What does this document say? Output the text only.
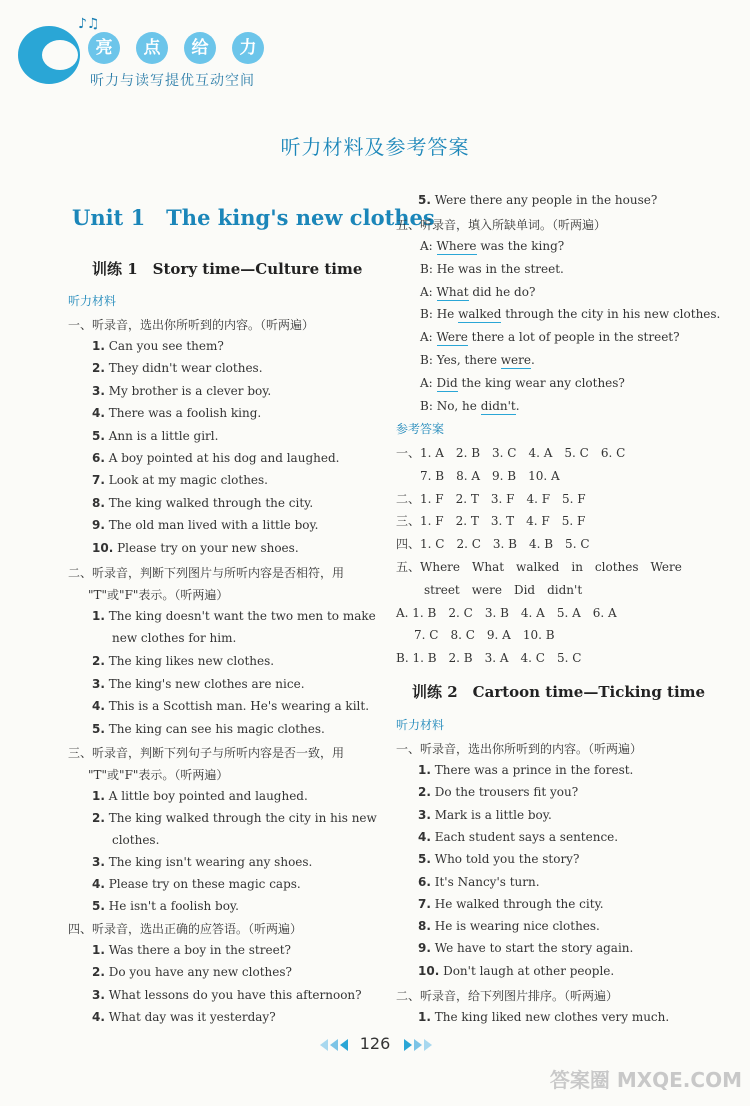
♪♫
亮	点	给	力
听力与读写提优互动空间
听力材料及参考答案
Unit 1　The king's new clothes
训练 1　Story time—Culture time
听力材料
一、听录音，选出你所听到的内容。（听两遍）
1. Can you see them?
2. They didn't wear clothes.
3. My brother is a clever boy.
4. There was a foolish king.
5. Ann is a little girl.
6. A boy pointed at his dog and laughed.
7. Look at my magic clothes.
8. The king walked through the city.
9. The old man lived with a little boy.
10. Please try on your new shoes.
二、听录音，判断下列图片与所听内容是否相符，用
"T"或"F"表示。（听两遍）
1. The king doesn't want the two men to make
new clothes for him.
2. The king likes new clothes.
3. The king's new clothes are nice.
4. This is a Scottish man. He's wearing a kilt.
5. The king can see his magic clothes.
三、听录音，判断下列句子与所听内容是否一致，用
"T"或"F"表示。（听两遍）
1. A little boy pointed and laughed.
2. The king walked through the city in his new
clothes.
3. The king isn't wearing any shoes.
4. Please try on these magic caps.
5. He isn't a foolish boy.
四、听录音，选出正确的应答语。（听两遍）
1. Was there a boy in the street?
2. Do you have any new clothes?
3. What lessons do you have this afternoon?
4. What day was it yesterday?
5. Were there any people in the house?
五、听录音，填入所缺单词。（听两遍）
A: Where was the king?
B: He was in the street.
A: What did he do?
B: He walked through the city in his new clothes.
A: Were there a lot of people in the street?
B: Yes, there were.
A: Did the king wear any clothes?
B: No, he didn't.
参考答案
一、1. A　2. B　3. C　4. A　5. C　6. C
7. B　8. A　9. B　10. A
二、1. F　2. T　3. F　4. F　5. F
三、1. F　2. T　3. T　4. F　5. F
四、1. C　2. C　3. B　4. B　5. C
五、Where　What　walked　in　clothes　Were
street　were　Did　didn't
A. 1. B　2. C　3. B　4. A　5. A　6. A
7. C　8. C　9. A　10. B
B. 1. B　2. B　3. A　4. C　5. C
训练 2　Cartoon time—Ticking time
听力材料
一、听录音，选出你所听到的内容。（听两遍）
1. There was a prince in the forest.
2. Do the trousers fit you?
3. Mark is a little boy.
4. Each student says a sentence.
5. Who told you the story?
6. It's Nancy's turn.
7. He walked through the city.
8. He is wearing nice clothes.
9. We have to start the story again.
10. Don't laugh at other people.
二、听录音，给下列图片排序。（听两遍）
1. The king liked new clothes very much.
126
答案圈 MXQE.COM
